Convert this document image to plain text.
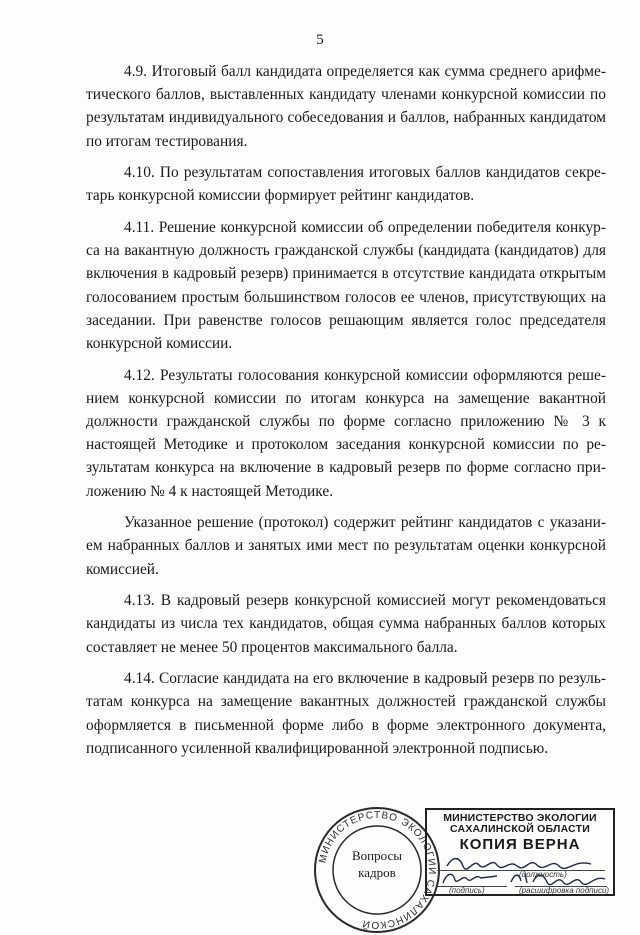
5

4.9. Итоговый балл кандидата определяется как сумма среднего арифметического баллов, выставленных кандидату членами конкурсной комиссии по результатам индивидуального собеседования и баллов, набранных кандидатом по итогам тестирования.

4.10. По результатам сопоставления итоговых баллов кандидатов секретарь конкурсной комиссии формирует рейтинг кандидатов.

4.11. Решение конкурсной комиссии об определении победителя конкурса на вакантную должность гражданской службы (кандидата (кандидатов) для включения в кадровый резерв) принимается в отсутствие кандидата открытым голосованием простым большинством голосов ее членов, присутствующих на заседании. При равенстве голосов решающим является голос председателя конкурсной комиссии.

4.12. Результаты голосования конкурсной комиссии оформляются решением конкурсной комиссии по итогам конкурса на замещение вакантной должности гражданской службы по форме согласно приложению № 3 к настоящей Методике и протоколом заседания конкурсной комиссии по результатам конкурса на включение в кадровый резерв по форме согласно приложению № 4 к настоящей Методике.

Указанное решение (протокол) содержит рейтинг кандидатов с указанием набранных баллов и занятых ими мест по результатам оценки конкурсной комиссией.

4.13. В кадровый резерв конкурсной комиссией могут рекомендоваться кандидаты из числа тех кандидатов, общая сумма набранных баллов которых составляет не менее 50 процентов максимального балла.

4.14. Согласие кандидата на его включение в кадровый резерв по результатам конкурса на замещение вакантных должностей гражданской службы оформляется в письменной форме либо в форме электронного документа, подписанного усиленной квалифицированной электронной подписью.

МИНИСТЕРСТВО ЭКОЛОГИИ САХАЛИНСКОЙ
Вопросы кадров
МИНИСТЕРСТВО ЭКОЛОГИИ САХАЛИНСКОЙ ОБЛАСТИ
КОПИЯ ВЕРНА
(должность)
(подпись)	(расшифровка подписи)
